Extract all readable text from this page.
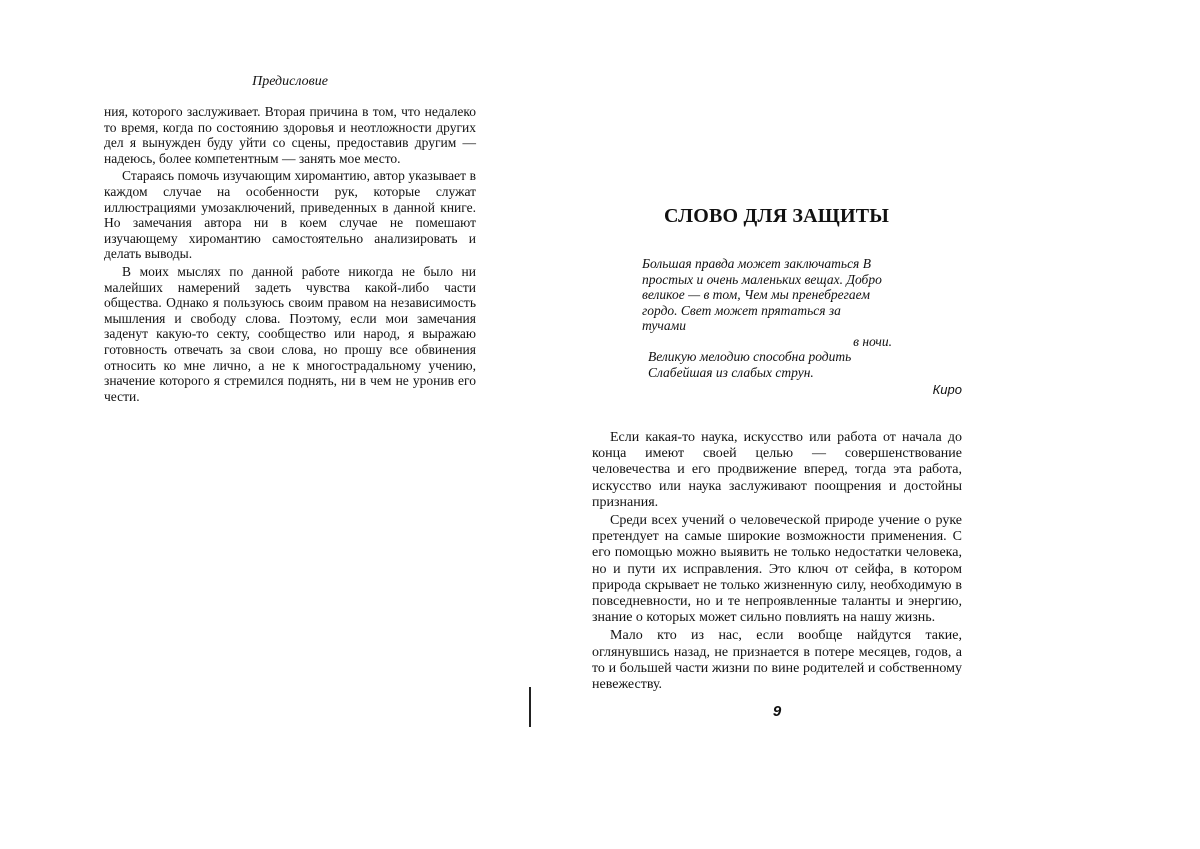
Предисловие

ния, которого заслуживает. Вторая причина в том, что недалеко то время, когда по состоянию здоровья и неотложности других дел я вынужден буду уйти со сцены, предоставив другим — надеюсь, более компетентным — занять мое место.

Стараясь помочь изучающим хиромантию, автор указывает в каждом случае на особенности рук, которые служат иллюстрациями умозаключений, приведенных в данной книге. Но замечания автора ни в коем случае не помешают изучающему хиромантию самостоятельно анализировать и делать выводы.

В моих мыслях по данной работе никогда не было ни малейших намерений задеть чувства какой-либо части общества. Однако я пользуюсь своим правом на независимость мышления и свободу слова. Поэтому, если мои замечания заденут какую-то секту, сообщество или народ, я выражаю готовность отвечать за свои слова, но прошу все обвинения относить ко мне лично, а не к многострадальному учению, значение которого я стремился поднять, ни в чем не уронив его чести.

СЛОВО ДЛЯ ЗАЩИТЫ
Большая правда может заключаться В
простых и очень маленьких вещах. Добро
великое — в том, Чем мы пренебрегаем
гордо. Свет может прятаться за
тучами
в ночи.
Великую мелодию способна родить
Слабейшая из слабых струн.

Киро

Если какая-то наука, искусство или работа от начала до конца имеют своей целью — совершенствование человечества и его продвижение вперед, тогда эта работа, искусство или наука заслуживают поощрения и достойны признания.

Среди всех учений о человеческой природе учение о руке претендует на самые широкие возможности применения. С его помощью можно выявить не только недостатки человека, но и пути их исправления. Это ключ от сейфа, в котором природа скрывает не только жизненную силу, необходимую в повседневности, но и те непроявленные таланты и энергию, знание о которых может сильно повлиять на нашу жизнь.

Мало кто из нас, если вообще найдутся такие, оглянувшись назад, не признается в потере месяцев, годов, а то и большей части жизни по вине родителей и собственному невежеству.

9
